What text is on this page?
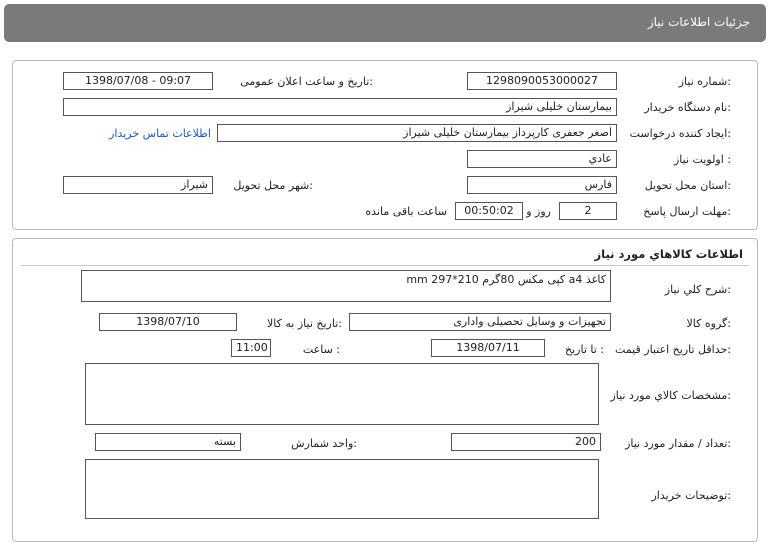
جزئیات اطلاعات نیاز
شماره نیاز:
1298090053000027
تاریخ و ساعت اعلان عمومی:
1398/07/08 - 09:07
نام دستگاه خریدار:
بیمارستان خلیلی شیراز
ایجاد کننده درخواست:
اصغر جعفری کارپرداز بیمارستان خلیلی شیراز
اطلاعات تماس خریدار
اولویت نیاز :
عادي
استان محل تحویل:
فارس
شهر محل تحویل:
شیراز
مهلت ارسال پاسخ:
2
روز و
00:50:02
ساعت باقی مانده
اطلاعات کالاهاي مورد نياز
شرح کلي نياز:
کاغذ a4 کپی مکس 80گرم 210*297 mm
گروه کالا:
تجهیزات و وسایل تحصیلی واداری
تاریخ نیاز به کالا:
1398/07/10
حداقل تاریخ اعتبار قیمت:
تا تاریخ :
1398/07/11
ساعت :
11:00
مشخصات کالاي مورد نياز:
تعداد / مقدار مورد نیاز:
200
واحد شمارش:
بسته
توضیحات خریدار:
